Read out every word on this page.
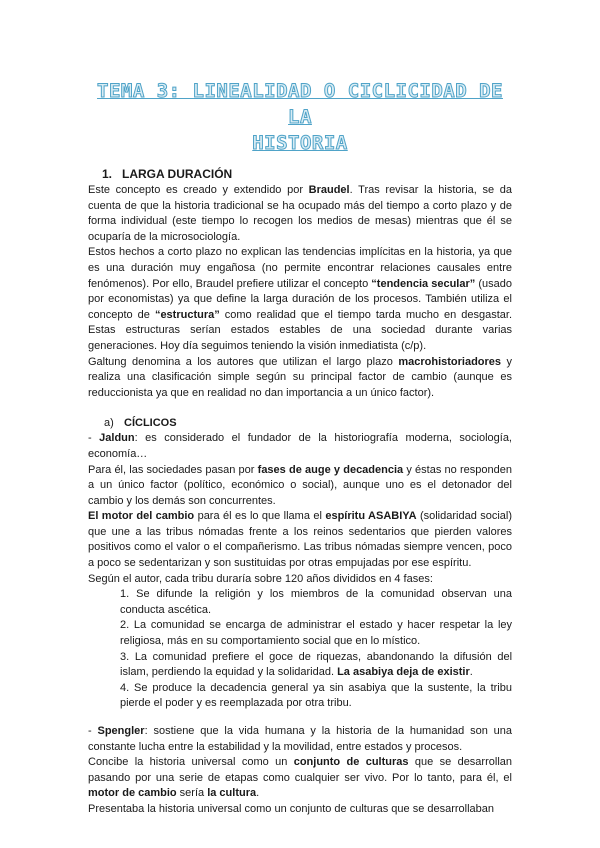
TEMA 3: LINEALIDAD O CICLICIDAD DE LA
HISTORIA
1. LARGA DURACIÓN

Este concepto es creado y extendido por Braudel. Tras revisar la historia, se da cuenta de que la historia tradicional se ha ocupado más del tiempo a corto plazo y de forma individual (este tiempo lo recogen los medios de mesas) mientras que él se ocuparía de la microsociología.

Estos hechos a corto plazo no explican las tendencias implícitas en la historia, ya que es una duración muy engañosa (no permite encontrar relaciones causales entre fenómenos). Por ello, Braudel prefiere utilizar el concepto “tendencia secular” (usado por economistas) ya que define la larga duración de los procesos. También utiliza el concepto de “estructura” como realidad que el tiempo tarda mucho en desgastar. Estas estructuras serían estados estables de una sociedad durante varias generaciones. Hoy día seguimos teniendo la visión inmediatista (c/p).

Galtung denomina a los autores que utilizan el largo plazo macrohistoriadores y realiza una clasificación simple según su principal factor de cambio (aunque es reduccionista ya que en realidad no dan importancia a un único factor).

a) CÍCLICOS

- Jaldun: es considerado el fundador de la historiografía moderna, sociología, economía…

Para él, las sociedades pasan por fases de auge y decadencia y éstas no responden a un único factor (político, económico o social), aunque uno es el detonador del cambio y los demás son concurrentes.

El motor del cambio para él es lo que llama el espíritu ASABIYA (solidaridad social) que une a las tribus nómadas frente a los reinos sedentarios que pierden valores positivos como el valor o el compañerismo. Las tribus nómadas siempre vencen, poco a poco se sedentarizan y son sustituidas por otras empujadas por ese espíritu.

Según el autor, cada tribu duraría sobre 120 años divididos en 4 fases:

1. Se difunde la religión y los miembros de la comunidad observan una conducta ascética.

2. La comunidad se encarga de administrar el estado y hacer respetar la ley religiosa, más en su comportamiento social que en lo místico.

3. La comunidad prefiere el goce de riquezas, abandonando la difusión del islam, perdiendo la equidad y la solidaridad. La asabiya deja de existir.

4. Se produce la decadencia general ya sin asabiya que la sustente, la tribu pierde el poder y es reemplazada por otra tribu.

- Spengler: sostiene que la vida humana y la historia de la humanidad son una constante lucha entre la estabilidad y la movilidad, entre estados y procesos.

Concibe la historia universal como un conjunto de culturas que se desarrollan pasando por una serie de etapas como cualquier ser vivo. Por lo tanto, para él, el motor de cambio sería la cultura.

Presentaba la historia universal como un conjunto de culturas que se desarrollaban
